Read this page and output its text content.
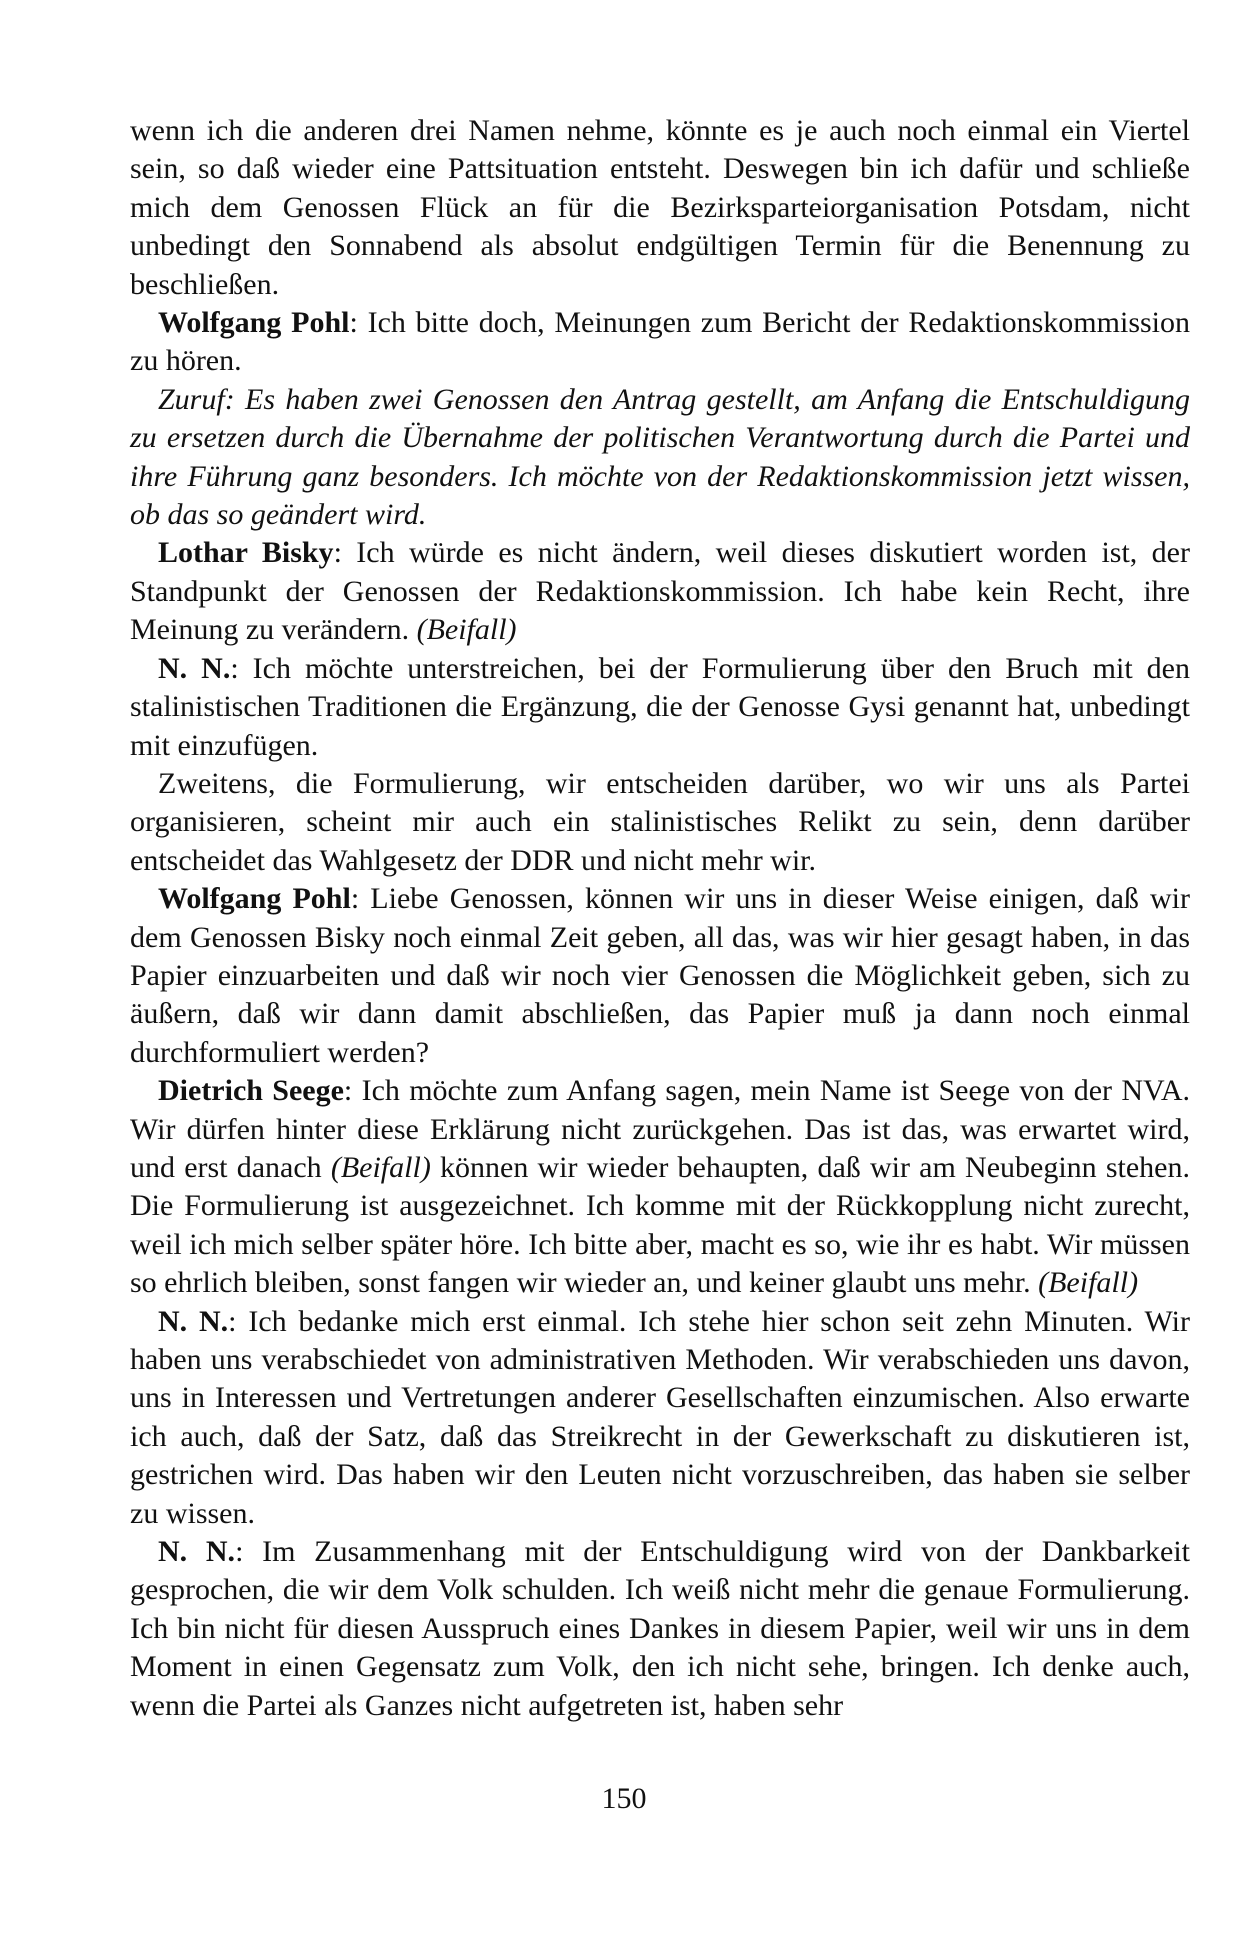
wenn ich die anderen drei Namen nehme, könnte es je auch noch einmal ein Viertel sein, so daß wieder eine Pattsituation entsteht. Deswegen bin ich dafür und schließe mich dem Genossen Flück an für die Bezirksparteiorganisation Potsdam, nicht unbedingt den Sonnabend als absolut endgültigen Termin für die Benennung zu beschließen.

Wolfgang Pohl: Ich bitte doch, Meinungen zum Bericht der Redaktionskommission zu hören.

Zuruf: Es haben zwei Genossen den Antrag gestellt, am Anfang die Entschuldigung zu ersetzen durch die Übernahme der politischen Verantwortung durch die Partei und ihre Führung ganz besonders. Ich möchte von der Redaktionskommission jetzt wissen, ob das so geändert wird.

Lothar Bisky: Ich würde es nicht ändern, weil dieses diskutiert worden ist, der Standpunkt der Genossen der Redaktionskommission. Ich habe kein Recht, ihre Meinung zu verändern. (Beifall)

N. N.: Ich möchte unterstreichen, bei der Formulierung über den Bruch mit den stalinistischen Traditionen die Ergänzung, die der Genosse Gysi genannt hat, unbedingt mit einzufügen.

Zweitens, die Formulierung, wir entscheiden darüber, wo wir uns als Partei organisieren, scheint mir auch ein stalinistisches Relikt zu sein, denn darüber entscheidet das Wahlgesetz der DDR und nicht mehr wir.

Wolfgang Pohl: Liebe Genossen, können wir uns in dieser Weise einigen, daß wir dem Genossen Bisky noch einmal Zeit geben, all das, was wir hier gesagt haben, in das Papier einzuarbeiten und daß wir noch vier Genossen die Möglichkeit geben, sich zu äußern, daß wir dann damit abschließen, das Papier muß ja dann noch einmal durchformuliert werden?

Dietrich Seege: Ich möchte zum Anfang sagen, mein Name ist Seege von der NVA. Wir dürfen hinter diese Erklärung nicht zurückgehen. Das ist das, was erwartet wird, und erst danach (Beifall) können wir wieder behaupten, daß wir am Neubeginn stehen. Die Formulierung ist ausgezeichnet. Ich komme mit der Rückkopplung nicht zurecht, weil ich mich selber später höre. Ich bitte aber, macht es so, wie ihr es habt. Wir müssen so ehrlich bleiben, sonst fangen wir wieder an, und keiner glaubt uns mehr. (Beifall)

N. N.: Ich bedanke mich erst einmal. Ich stehe hier schon seit zehn Minuten. Wir haben uns verabschiedet von administrativen Methoden. Wir verabschieden uns davon, uns in Interessen und Vertretungen anderer Gesellschaften einzumischen. Also erwarte ich auch, daß der Satz, daß das Streikrecht in der Gewerkschaft zu diskutieren ist, gestrichen wird. Das haben wir den Leuten nicht vorzuschreiben, das haben sie selber zu wissen.

N. N.: Im Zusammenhang mit der Entschuldigung wird von der Dankbarkeit gesprochen, die wir dem Volk schulden. Ich weiß nicht mehr die genaue Formulierung. Ich bin nicht für diesen Ausspruch eines Dankes in diesem Papier, weil wir uns in dem Moment in einen Gegensatz zum Volk, den ich nicht sehe, bringen. Ich denke auch, wenn die Partei als Ganzes nicht aufgetreten ist, haben sehr

150
